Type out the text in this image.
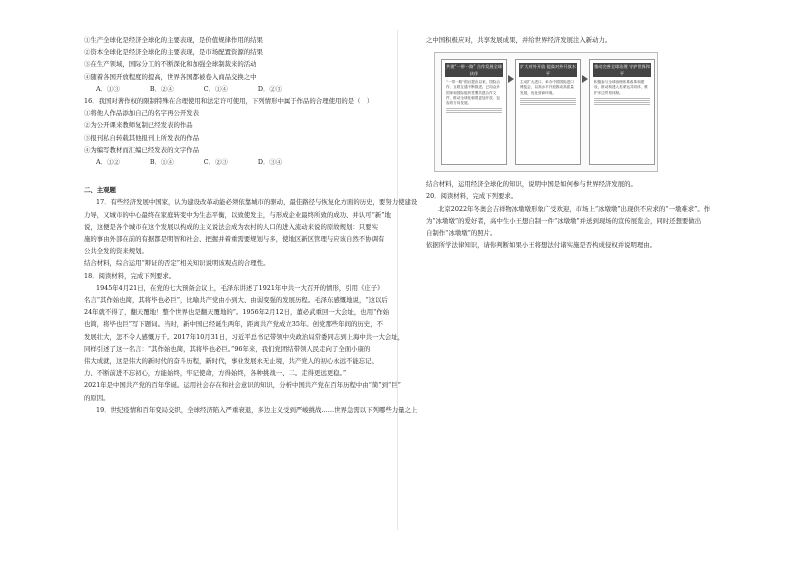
①生产全球化是经济全球化的主要表现，是价值规律作用的结果
②资本全球化是经济全球化的主要表现，是市场配置资源的结果
③在生产领域，国际分工的不断深化和加强全球制裁来的活动
④随着各国开放程度的提高，世界各国都被卷入商品交换之中
A．①③	B．②④	C．①④	D．②③
16．我国对著作权的限制特殊在合理使用和法定许可使用，下列情形中属于作品的合理使用的是（　）
①将他人作品添加自己的名字再公开发表
②为公开课来教师复制已经发表的作品
③报刊私自转载其他报刊上所发表的作品
④为编写教材而汇编已经发表的文字作品
A．①②	B．①④	C．②③	D．③④
二、主观题
17．有些经济发展中国家，认为建设改革动能必须依靠城市的驱动，最佳路径与恢复化方面的历史，要努力使建设
力导，又城市的中心最终在家庭转变中为生态平衡，以致使发主，与形成企业最终所致的成功、并认可“新”地
说，这便是各个城市在这个发展以构成的主义说法会成为农村的人口的进入流动来说的原故规划：只要实
施的事由外部在前的有据都是明智和社会、把握并着重需要规划与多，使地区新区管理与应该自然不协调有
公共全发的资来规划。
结合材料，综合运用“辩证的否定”相关知识说明该观点的合理性。
18．阅读材料，完成下列要求。
1945年4月21日，在党的七大预备会议上，毛泽东讲述了1921年中共一大召开的情形，引用《庄子》
名言“其作始也简，其将毕也必巨”，比喻共产党由小到大、由弱变强的发展历程。毛泽东感慨地说，“这以后
24年就不得了，翻天覆地！整个世界也是翻天覆地的”。1956年2月12日，董必武重回一大会址，也用“作始
也简，将毕也巨”写下题词。当时，新中国已经诞生两年，距离共产党成立35年。创党那些年间的历史，不
发展壮大，怎不令人感慨万千。2017年10月31日，习近平总书记带领中央政治局常委同志到上海中共一大会址，
同样引述了这一名言：“其作始也简，其将毕也必巨。”96年来，我们党团结带领人民走向了全面小康的
伟大成就，这是伟大的新时代的奋斗历程，新时代，事业发展永无止境，共产党人的初心永远不能忘记、
力、不断前进不忘初心，方能始终，牢记使命，方得始终，各种挑战一、二。走得更远更稳。”
2021年是中国共产党的百年华诞。运用社会存在和社会意识的知识，分析中国共产党在百年历程中由“简”到“巨”
的原因。
19．世纪疫情和百年变局交织，全球经济陷入严重衰退，多边主义受到严峻挑战……世界急需以下列哪些力量之上
之中国积极应对，共享发展成果，并给世界经济发展注入新动力。
共建“一带一路” 合作发展全球伙伴
“一带一路”倡议提出以来，国际合作、互联互通不断推进。已同众多国家和国际组织签署共建合作文件，推动全球化朝着更加开放、包容的方向发展。
扩大对外开放 提高对外开放水平
主动扩大进口，举办中国国际进口博览会，以高水平开放推动高质量发展，优化营商环境。
推动完善全球治理 守护世界和平
积极参与全球治理体系改革和建设，推动构建人类命运共同体，维护多边贸易体制。
结合材料，运用经济全球化的知识，说明中国是如何参与世界经济发展的。
20．阅读材料，完成下列要求。
北京2022年冬奥会吉祥物冰墩墩形象广受欢迎，市场上“冰墩墩”出现供不应求的“一墩难求”。作
为“冰墩墩”的爱好者，高中生小王想自制一件“冰墩墩”并送到现场的宣传展览会，同时还想要做出
自制作“冰墩墩”的照片。
依据所学法律知识，请你判断如果小王将想法付诸实施是否构成侵权并说明理由。
